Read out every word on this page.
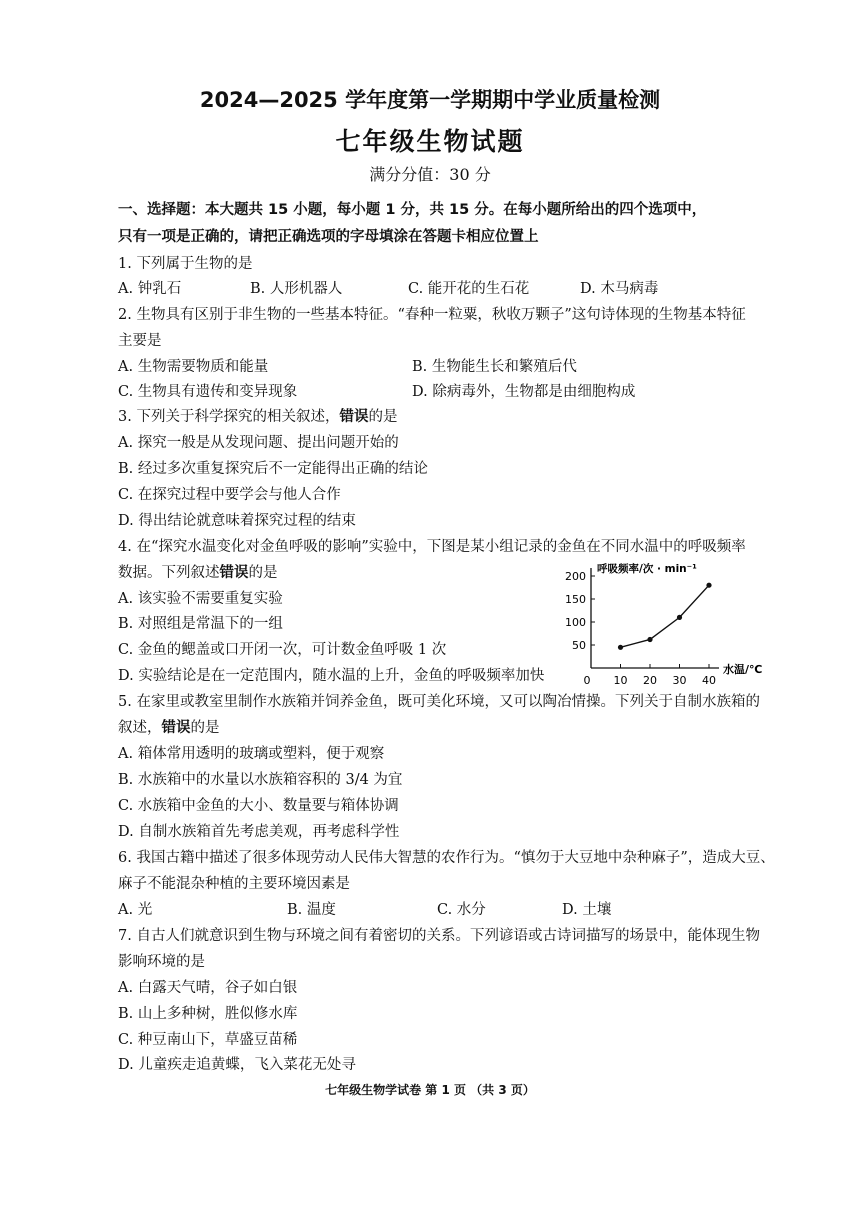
2024—2025 学年度第一学期期中学业质量检测
七年级生物试题
满分分值：30 分
一、选择题：本大题共 15 小题，每小题 1 分，共 15 分。在每小题所给出的四个选项中，
只有一项是正确的，请把正确选项的字母填涂在答题卡相应位置上
1. 下列属于生物的是
A. 钟乳石	B. 人形机器人	C. 能开花的生石花	D. 木马病毒
2. 生物具有区别于非生物的一些基本特征。“春种一粒粟，秋收万颗子”这句诗体现的生物基本特征
主要是
A. 生物需要物质和能量	B. 生物能生长和繁殖后代
C. 生物具有遗传和变异现象	D. 除病毒外，生物都是由细胞构成
3. 下列关于科学探究的相关叙述，错误的是
A. 探究一般是从发现问题、提出问题开始的
B. 经过多次重复探究后不一定能得出正确的结论
C. 在探究过程中要学会与他人合作
D. 得出结论就意味着探究过程的结束
4. 在“探究水温变化对金鱼呼吸的影响”实验中，下图是某小组记录的金鱼在不同水温中的呼吸频率
数据。下列叙述错误的是
A. 该实验不需要重复实验
B. 对照组是常温下的一组
C. 金鱼的鳃盖或口开闭一次，可计数金鱼呼吸 1 次
D. 实验结论是在一定范围内，随水温的上升，金鱼的呼吸频率加快
呼吸频率/次 · min⁻¹
水温/℃
0
50
100
150
200
10 20 30 40
5. 在家里或教室里制作水族箱并饲养金鱼，既可美化环境，又可以陶冶情操。下列关于自制水族箱的
叙述，错误的是
A. 箱体常用透明的玻璃或塑料，便于观察
B. 水族箱中的水量以水族箱容积的 3/4 为宜
C. 水族箱中金鱼的大小、数量要与箱体协调
D. 自制水族箱首先考虑美观，再考虑科学性
6. 我国古籍中描述了很多体现劳动人民伟大智慧的农作行为。“慎勿于大豆地中杂种麻子”，造成大豆、
麻子不能混杂种植的主要环境因素是
A. 光	B. 温度	C. 水分	D. 土壤
7. 自古人们就意识到生物与环境之间有着密切的关系。下列谚语或古诗词描写的场景中，能体现生物
影响环境的是
A. 白露天气晴，谷子如白银
B. 山上多种树，胜似修水库
C. 种豆南山下，草盛豆苗稀
D. 儿童疾走追黄蝶，飞入菜花无处寻
七年级生物学试卷 第 1 页 （共 3 页）
